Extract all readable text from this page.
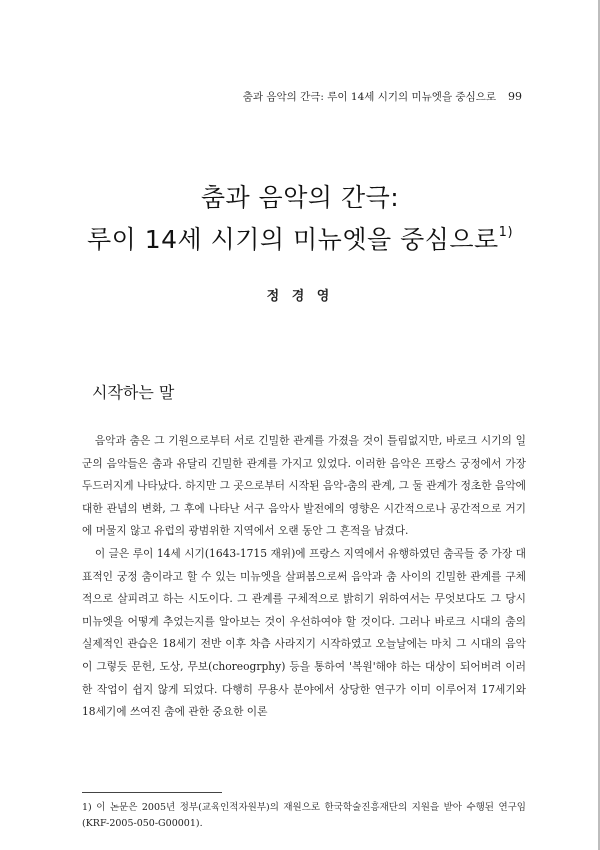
춤과 음악의 간극: 루이 14세 시기의 미뉴엣을 중심으로 99
춤과 음악의 간극:
루이 14세 시기의 미뉴엣을 중심으로$^{1)}$
정 경 영
시작하는 말

음악과 춤은 그 기원으로부터 서로 긴밀한 관계를 가졌을 것이 틀림없지만, 바로크 시기의 일군의 음악들은 춤과 유달리 긴밀한 관계를 가지고 있었다. 이러한 음악은 프랑스 궁정에서 가장 두드러지게 나타났다. 하지만 그 곳으로부터 시작된 음악-춤의 관계, 그 둘 관계가 정초한 음악에 대한 관념의 변화, 그 후에 나타난 서구 음악사 발전에의 영향은 시간적으로나 공간적으로 거기에 머물지 않고 유럽의 광범위한 지역에서 오랜 동안 그 흔적을 남겼다.

이 글은 루이 14세 시기(1643-1715 재위)에 프랑스 지역에서 유행하였던 춤곡들 중 가장 대표적인 궁정 춤이라고 할 수 있는 미뉴엣을 살펴봄으로써 음악과 춤 사이의 긴밀한 관계를 구체적으로 살피려고 하는 시도이다. 그 관계를 구체적으로 밝히기 위하여서는 무엇보다도 그 당시 미뉴엣을 어떻게 추었는지를 알아보는 것이 우선하여야 할 것이다. 그러나 바로크 시대의 춤의 실제적인 관습은 18세기 전반 이후 차츰 사라지기 시작하였고 오늘날에는 마치 그 시대의 음악이 그렇듯 문헌, 도상, 무보(choreogrphy) 등을 통하여 '복원'해야 하는 대상이 되어버려 이러한 작업이 쉽지 않게 되었다. 다행히 무용사 분야에서 상당한 연구가 이미 이루어져 17세기와 18세기에 쓰여진 춤에 관한 중요한 이론

1) 이 논문은 2005년 정부(교육인적자원부)의 재원으로 한국학술진흥재단의 지원을 받아 수행된 연구임(KRF-2005-050-G00001).
